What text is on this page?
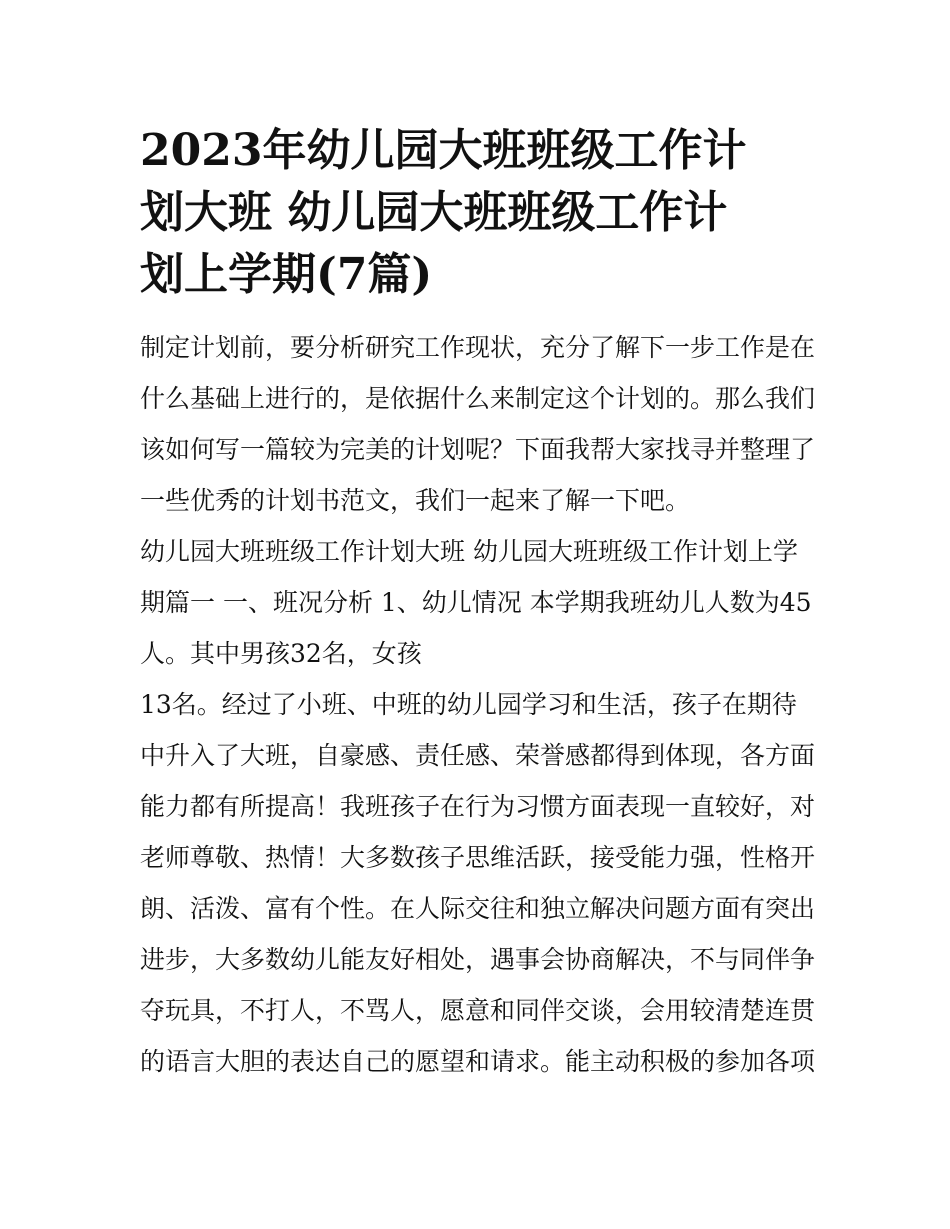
2023年幼儿园大班班级工作计
划大班 幼儿园大班班级工作计
划上学期(7篇)
制定计划前，要分析研究工作现状，充分了解下一步工作是在
什么基础上进行的，是依据什么来制定这个计划的。那么我们
该如何写一篇较为完美的计划呢？下面我帮大家找寻并整理了
一些优秀的计划书范文，我们一起来了解一下吧。
幼儿园大班班级工作计划大班 幼儿园大班班级工作计划上学
期篇一 一、班况分析 1、幼儿情况 本学期我班幼儿人数为45
人。其中男孩32名，女孩
13名。经过了小班、中班的幼儿园学习和生活，孩子在期待
中升入了大班，自豪感、责任感、荣誉感都得到体现，各方面
能力都有所提高！我班孩子在行为习惯方面表现一直较好，对
老师尊敬、热情！大多数孩子思维活跃，接受能力强，性格开
朗、活泼、富有个性。在人际交往和独立解决问题方面有突出
进步，大多数幼儿能友好相处，遇事会协商解决，不与同伴争
夺玩具，不打人，不骂人，愿意和同伴交谈，会用较清楚连贯
的语言大胆的表达自己的愿望和请求。能主动积极的参加各项
